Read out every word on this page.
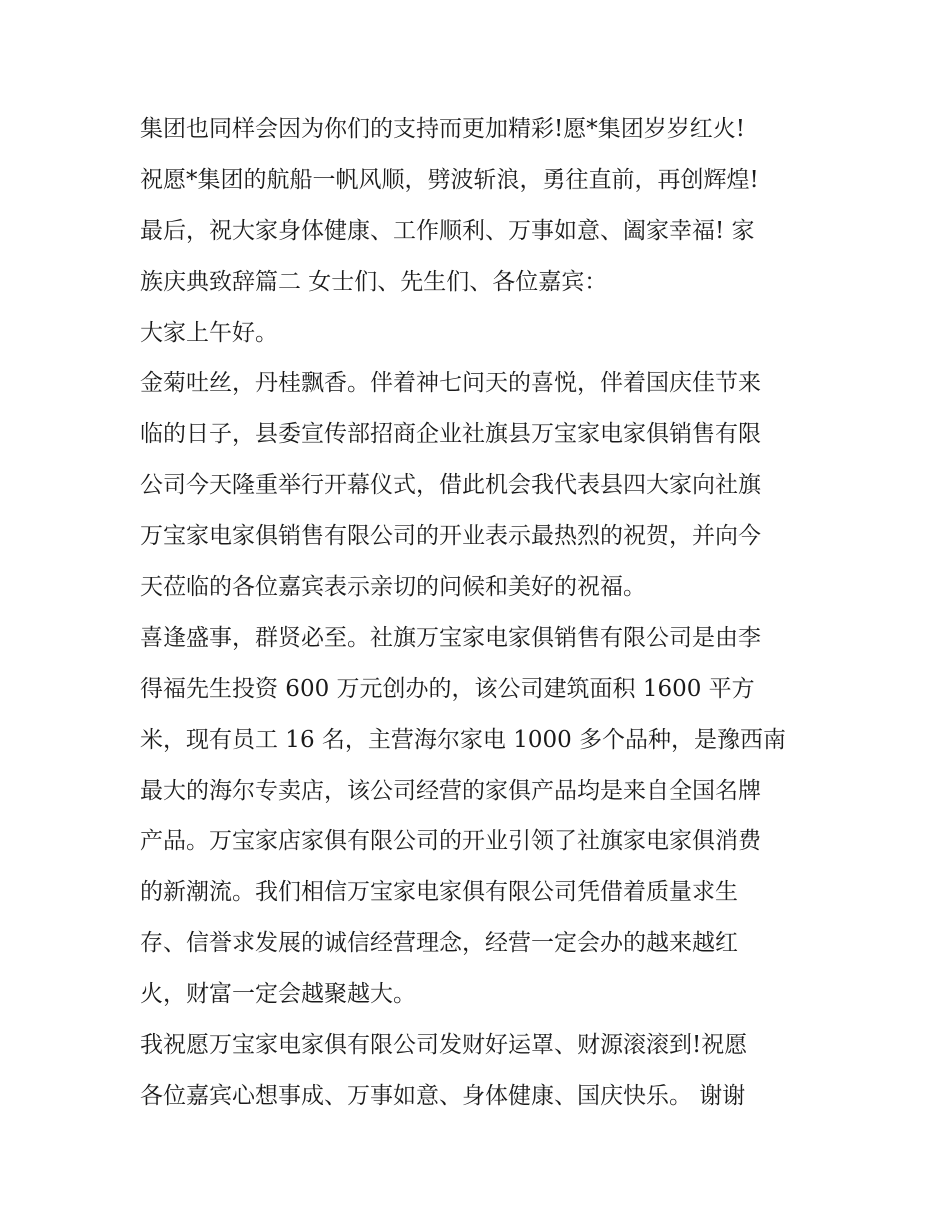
集团也同样会因为你们的支持而更加精彩!愿*集团岁岁红火!
祝愿*集团的航船一帆风顺，劈波斩浪，勇往直前，再创辉煌!
最后，祝大家身体健康、工作顺利、万事如意、阖家幸福! 家
族庆典致辞篇二 女士们、先生们、各位嘉宾：
大家上午好。
金菊吐丝，丹桂飘香。伴着神七问天的喜悦，伴着国庆佳节来
临的日子，县委宣传部招商企业社旗县万宝家电家俱销售有限
公司今天隆重举行开幕仪式，借此机会我代表县四大家向社旗
万宝家电家俱销售有限公司的开业表示最热烈的祝贺，并向今
天莅临的各位嘉宾表示亲切的问候和美好的祝福。
喜逢盛事，群贤必至。社旗万宝家电家俱销售有限公司是由李
得福先生投资 600 万元创办的，该公司建筑面积 1600 平方
米，现有员工 16 名，主营海尔家电 1000 多个品种，是豫西南
最大的海尔专卖店，该公司经营的家俱产品均是来自全国名牌
产品。万宝家店家俱有限公司的开业引领了社旗家电家俱消费
的新潮流。我们相信万宝家电家俱有限公司凭借着质量求生
存、信誉求发展的诚信经营理念，经营一定会办的越来越红
火，财富一定会越聚越大。
我祝愿万宝家电家俱有限公司发财好运罩、财源滚滚到!祝愿
各位嘉宾心想事成、万事如意、身体健康、国庆快乐。 谢谢
